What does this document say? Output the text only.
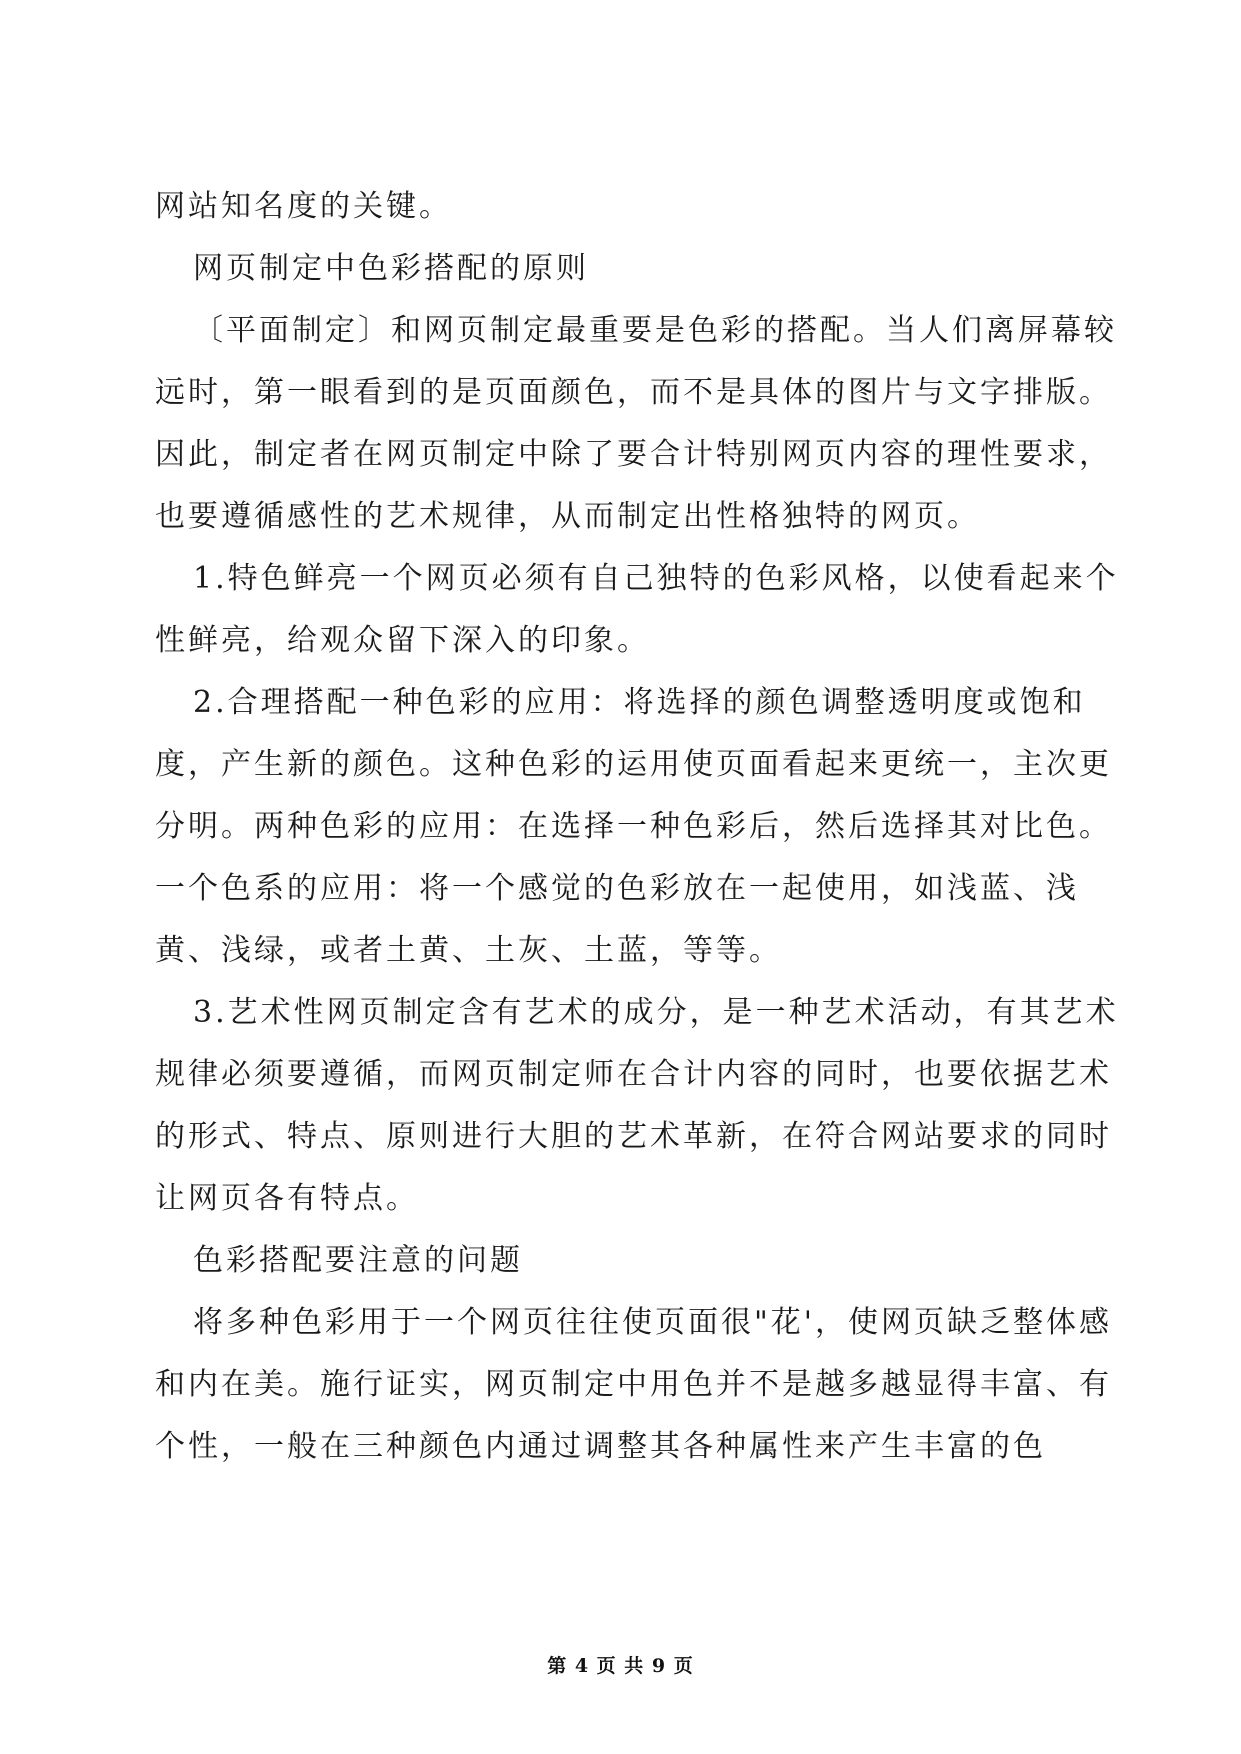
网站知名度的关键。

网页制定中色彩搭配的原则

〔平面制定〕和网页制定最重要是色彩的搭配。当人们离屏幕较远时，第一眼看到的是页面颜色，而不是具体的图片与文字排版。因此，制定者在网页制定中除了要合计特别网页内容的理性要求，也要遵循感性的艺术规律，从而制定出性格独特的网页。

1.特色鲜亮一个网页必须有自己独特的色彩风格，以使看起来个性鲜亮，给观众留下深入的印象。

2.合理搭配一种色彩的应用：将选择的颜色调整透明度或饱和度，产生新的颜色。这种色彩的运用使页面看起来更统一，主次更分明。两种色彩的应用：在选择一种色彩后，然后选择其对比色。一个色系的应用：将一个感觉的色彩放在一起使用，如浅蓝、浅黄、浅绿，或者土黄、土灰、土蓝，等等。

3.艺术性网页制定含有艺术的成分，是一种艺术活动，有其艺术规律必须要遵循，而网页制定师在合计内容的同时，也要依据艺术的形式、特点、原则进行大胆的艺术革新，在符合网站要求的同时让网页各有特点。

色彩搭配要注意的问题

将多种色彩用于一个网页往往使页面很"花'，使网页缺乏整体感和内在美。施行证实，网页制定中用色并不是越多越显得丰富、有个性，一般在三种颜色内通过调整其各种属性来产生丰富的色

第 4 页 共 9 页
